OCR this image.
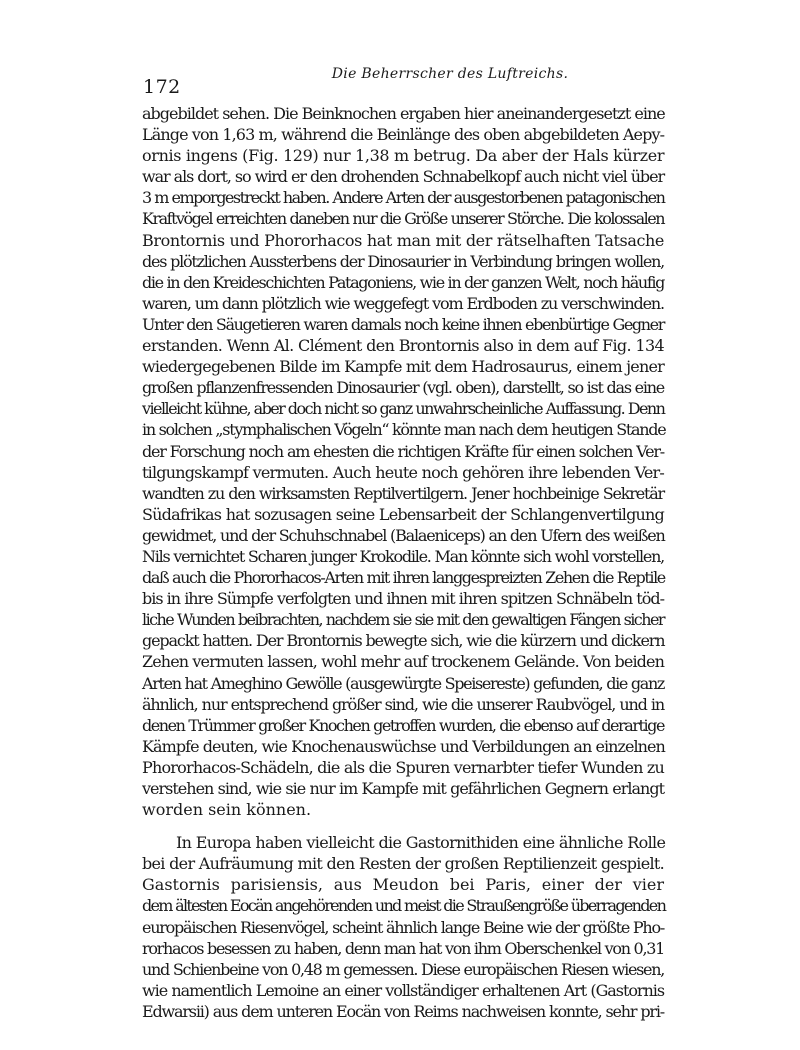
172
Die Beherrscher des Luftreichs.
abgebildet sehen. Die Beinknochen ergaben hier aneinandergesetzt eine
Länge von 1,63 m, während die Beinlänge des oben abgebildeten Aepy-
ornis ingens (Fig. 129) nur 1,38 m betrug. Da aber der Hals kürzer
war als dort, so wird er den drohenden Schnabelkopf auch nicht viel über
3 m emporgestreckt haben. Andere Arten der ausgestorbenen patagonischen
Kraftvögel erreichten daneben nur die Größe unserer Störche. Die kolossalen
Brontornis und Phororhacos hat man mit der rätselhaften Tatsache
des plötzlichen Aussterbens der Dinosaurier in Verbindung bringen wollen,
die in den Kreideschichten Patagoniens, wie in der ganzen Welt, noch häufig
waren, um dann plötzlich wie weggefegt vom Erdboden zu verschwinden.
Unter den Säugetieren waren damals noch keine ihnen ebenbürtige Gegner
erstanden. Wenn Al. Clément den Brontornis also in dem auf Fig. 134
wiedergegebenen Bilde im Kampfe mit dem Hadrosaurus, einem jener
großen pflanzenfressenden Dinosaurier (vgl. oben), darstellt, so ist das eine
vielleicht kühne, aber doch nicht so ganz unwahrscheinliche Auffassung. Denn
in solchen „stymphalischen Vögeln“ könnte man nach dem heutigen Stande
der Forschung noch am ehesten die richtigen Kräfte für einen solchen Ver-
tilgungskampf vermuten. Auch heute noch gehören ihre lebenden Ver-
wandten zu den wirksamsten Reptilvertilgern. Jener hochbeinige Sekretär
Südafrikas hat sozusagen seine Lebensarbeit der Schlangenvertilgung
gewidmet, und der Schuhschnabel (Balaeniceps) an den Ufern des weißen
Nils vernichtet Scharen junger Krokodile. Man könnte sich wohl vorstellen,
daß auch die Phororhacos-Arten mit ihren langgespreizten Zehen die Reptile
bis in ihre Sümpfe verfolgten und ihnen mit ihren spitzen Schnäbeln töd-
liche Wunden beibrachten, nachdem sie sie mit den gewaltigen Fängen sicher
gepackt hatten. Der Brontornis bewegte sich, wie die kürzern und dickern
Zehen vermuten lassen, wohl mehr auf trockenem Gelände. Von beiden
Arten hat Ameghino Gewölle (ausgewürgte Speisereste) gefunden, die ganz
ähnlich, nur entsprechend größer sind, wie die unserer Raubvögel, und in
denen Trümmer großer Knochen getroffen wurden, die ebenso auf derartige
Kämpfe deuten, wie Knochenauswüchse und Verbildungen an einzelnen
Phororhacos-Schädeln, die als die Spuren vernarbter tiefer Wunden zu
verstehen sind, wie sie nur im Kampfe mit gefährlichen Gegnern erlangt
worden sein können.
In Europa haben vielleicht die Gastornithiden eine ähnliche Rolle
bei der Aufräumung mit den Resten der großen Reptilienzeit gespielt.
Gastornis parisiensis, aus Meudon bei Paris, einer der vier
dem ältesten Eocän angehörenden und meist die Straußengröße überragenden
europäischen Riesenvögel, scheint ähnlich lange Beine wie der größte Pho-
rorhacos besessen zu haben, denn man hat von ihm Oberschenkel von 0,31
und Schienbeine von 0,48 m gemessen. Diese europäischen Riesen wiesen,
wie namentlich Lemoine an einer vollständiger erhaltenen Art (Gastornis
Edwarsii) aus dem unteren Eocän von Reims nachweisen konnte, sehr pri-
